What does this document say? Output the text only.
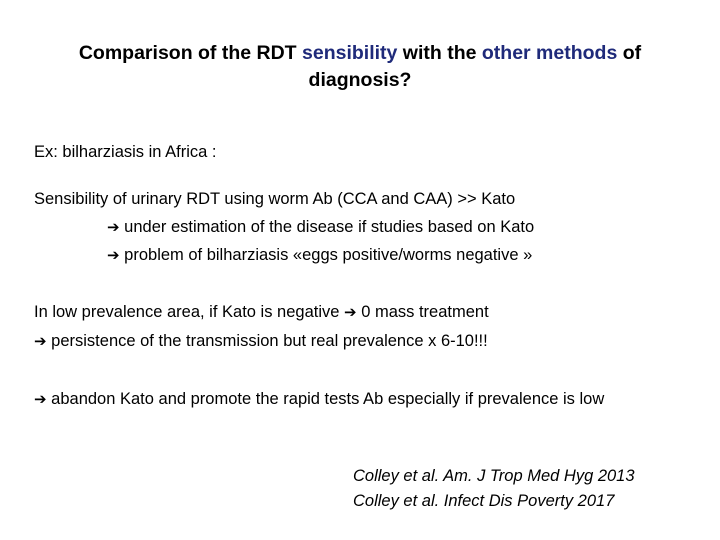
Comparison of the RDT sensibility with the other methods of
diagnosis?
Ex: bilharziasis in Africa :
Sensibility of urinary RDT using worm Ab (CCA and CAA) >> Kato
➔ under estimation of the disease if studies based on Kato
➔ problem of bilharziasis «eggs positive/worms negative »
In low prevalence area, if Kato is negative ➔ 0 mass treatment
➔ persistence of the transmission but real prevalence x 6-10!!!
➔ abandon Kato and promote the rapid tests Ab especially if prevalence is low
Colley et al. Am. J Trop Med Hyg 2013
Colley et al. Infect Dis Poverty 2017
